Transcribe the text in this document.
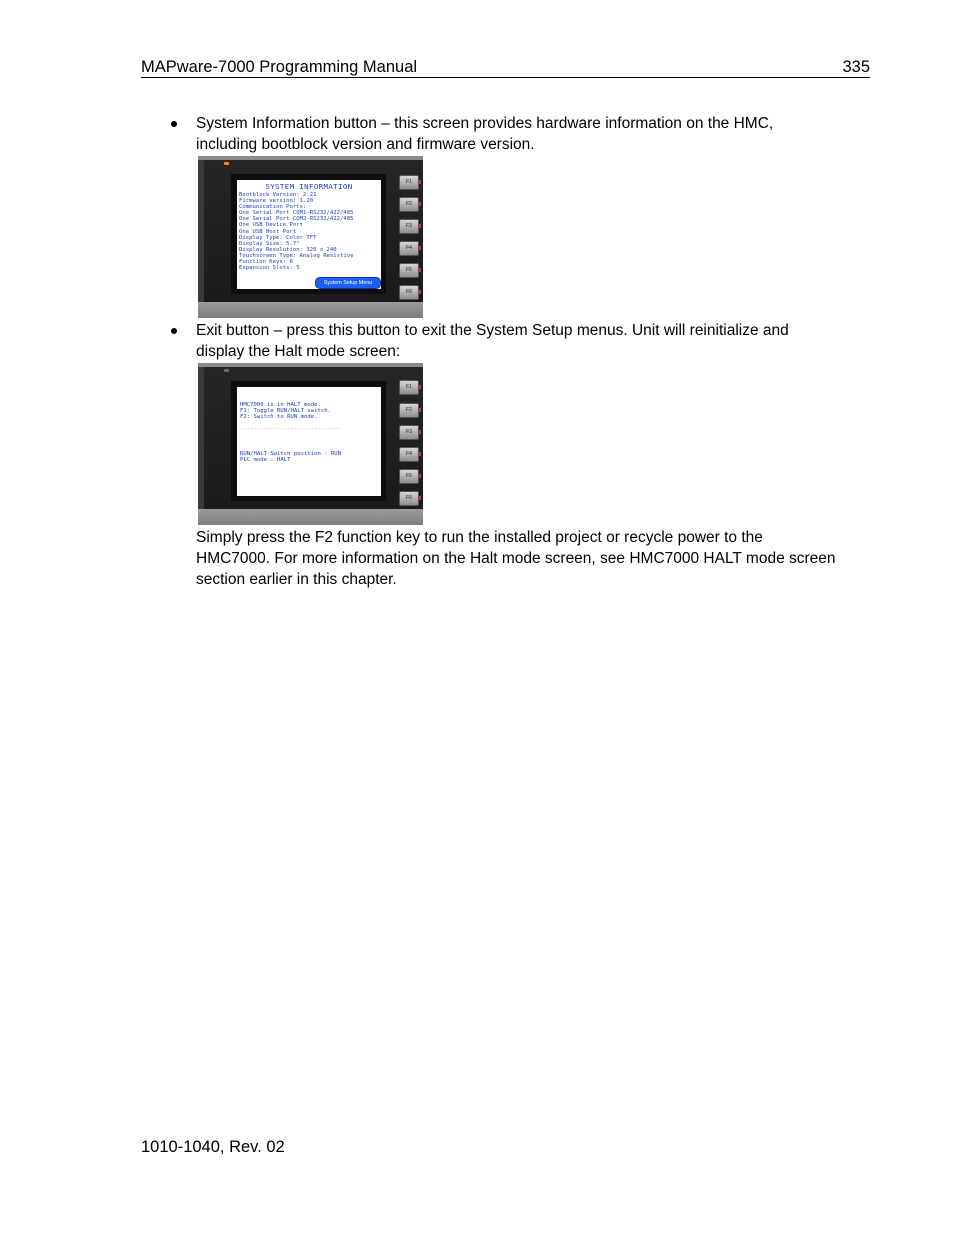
MAPware-7000 Programming Manual	335
System Information button – this screen provides hardware information on the HMC, including bootblock version and firmware version.
SYSTEM INFORMATION
Bootblock Version: 2.21
Firmware version: 1.20
Communication Ports:
One Serial Port COM1-RS232/422/485
One Serial Port COM2-RS232/422/485
One USB Device Port
One USB Host Port
Display Type: Color TFT
Display Size: 5.7"
Display Resolution: 320 x 240
Touchscreen Type: Analog Resistive
Function Keys: 6
Expansion Slots: 5
System Setup Menu
F1
F2
F3
F4
F5
F6
Exit button – press this button to exit the System Setup menus. Unit will reinitialize and display the Halt mode screen:
HMC7000 is in HALT mode.
F1: Toggle RUN/HALT switch.
F2: Switch to RUN mode.
------------------------------
RUN/HALT Switch position : RUN
PLC mode : HALT
F1
F2
F3
F4
F5
F6
Simply press the F2 function key to run the installed project or recycle power to the HMC7000. For more information on the Halt mode screen, see HMC7000 HALT mode screen section earlier in this chapter.
1010-1040, Rev. 02
